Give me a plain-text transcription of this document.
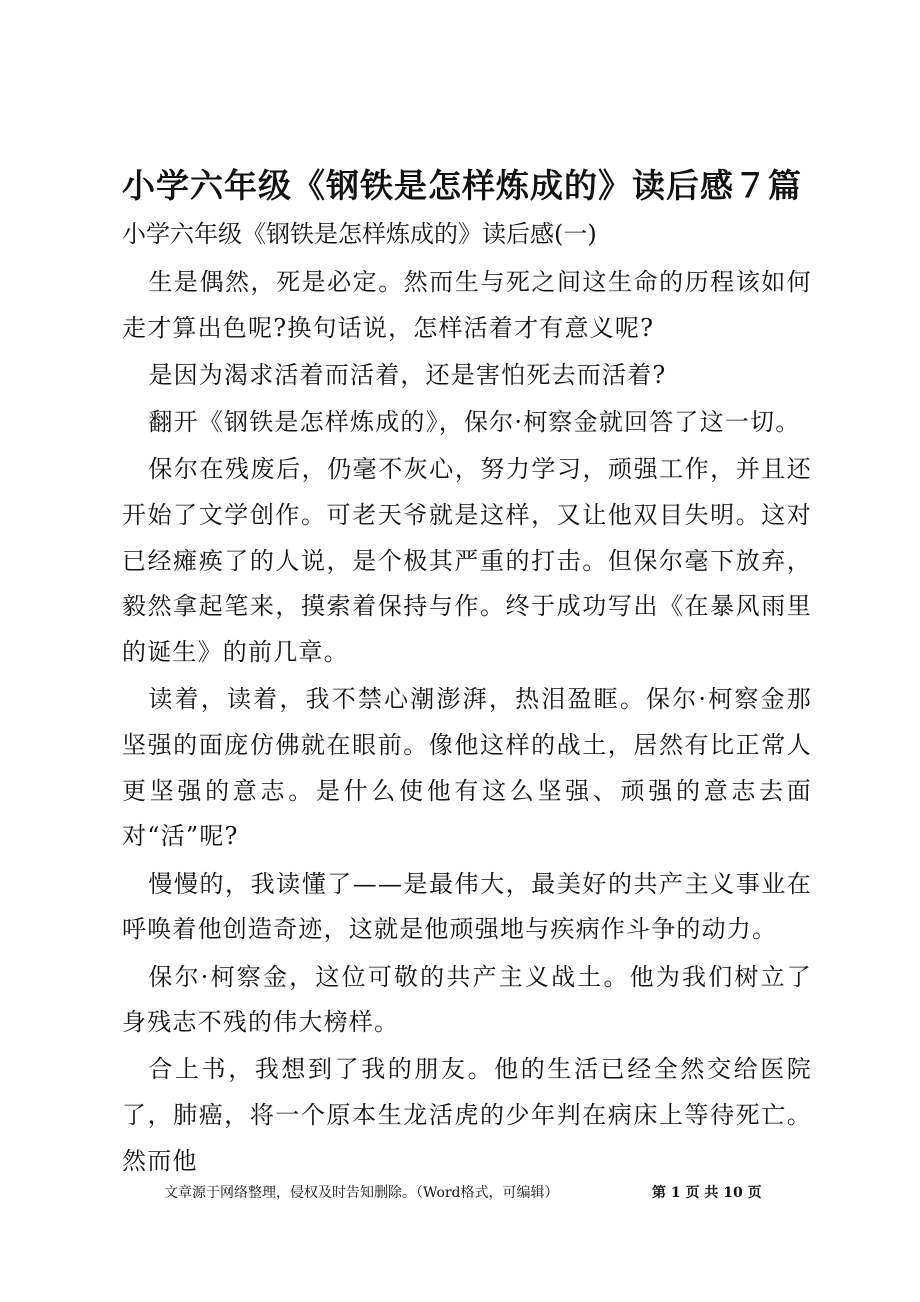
小学六年级《钢铁是怎样炼成的》读后感７篇
小学六年级《钢铁是怎样炼成的》读后感(一)

生是偶然，死是必定。然而生与死之间这生命的历程该如何走才算出色呢?换句话说，怎样活着才有意义呢?

是因为渴求活着而活着，还是害怕死去而活着?

翻开《钢铁是怎样炼成的》，保尔·柯察金就回答了这一切。

保尔在残废后，仍毫不灰心，努力学习，顽强工作，并且还开始了文学创作。可老天爷就是这样，又让他双目失明。这对已经瘫痪了的人说，是个极其严重的打击。但保尔毫下放弃，毅然拿起笔来，摸索着保持与作。终于成功写出《在暴风雨里的诞生》的前几章。

读着，读着，我不禁心潮澎湃，热泪盈眶。保尔·柯察金那坚强的面庞仿佛就在眼前。像他这样的战土，居然有比正常人更坚强的意志。是什么使他有这么坚强、顽强的意志去面对“活”呢?

慢慢的，我读懂了——是最伟大，最美好的共产主义事业在呼唤着他创造奇迹，这就是他顽强地与疾病作斗争的动力。

保尔·柯察金，这位可敬的共产主义战土。他为我们树立了身残志不残的伟大榜样。

合上书，我想到了我的朋友。他的生活已经全然交给医院了，肺癌，将一个原本生龙活虎的少年判在病床上等待死亡。然而他

文章源于网络整理，侵权及时告知删除。（Word格式，可编辑）	第 1 页 共 10 页
